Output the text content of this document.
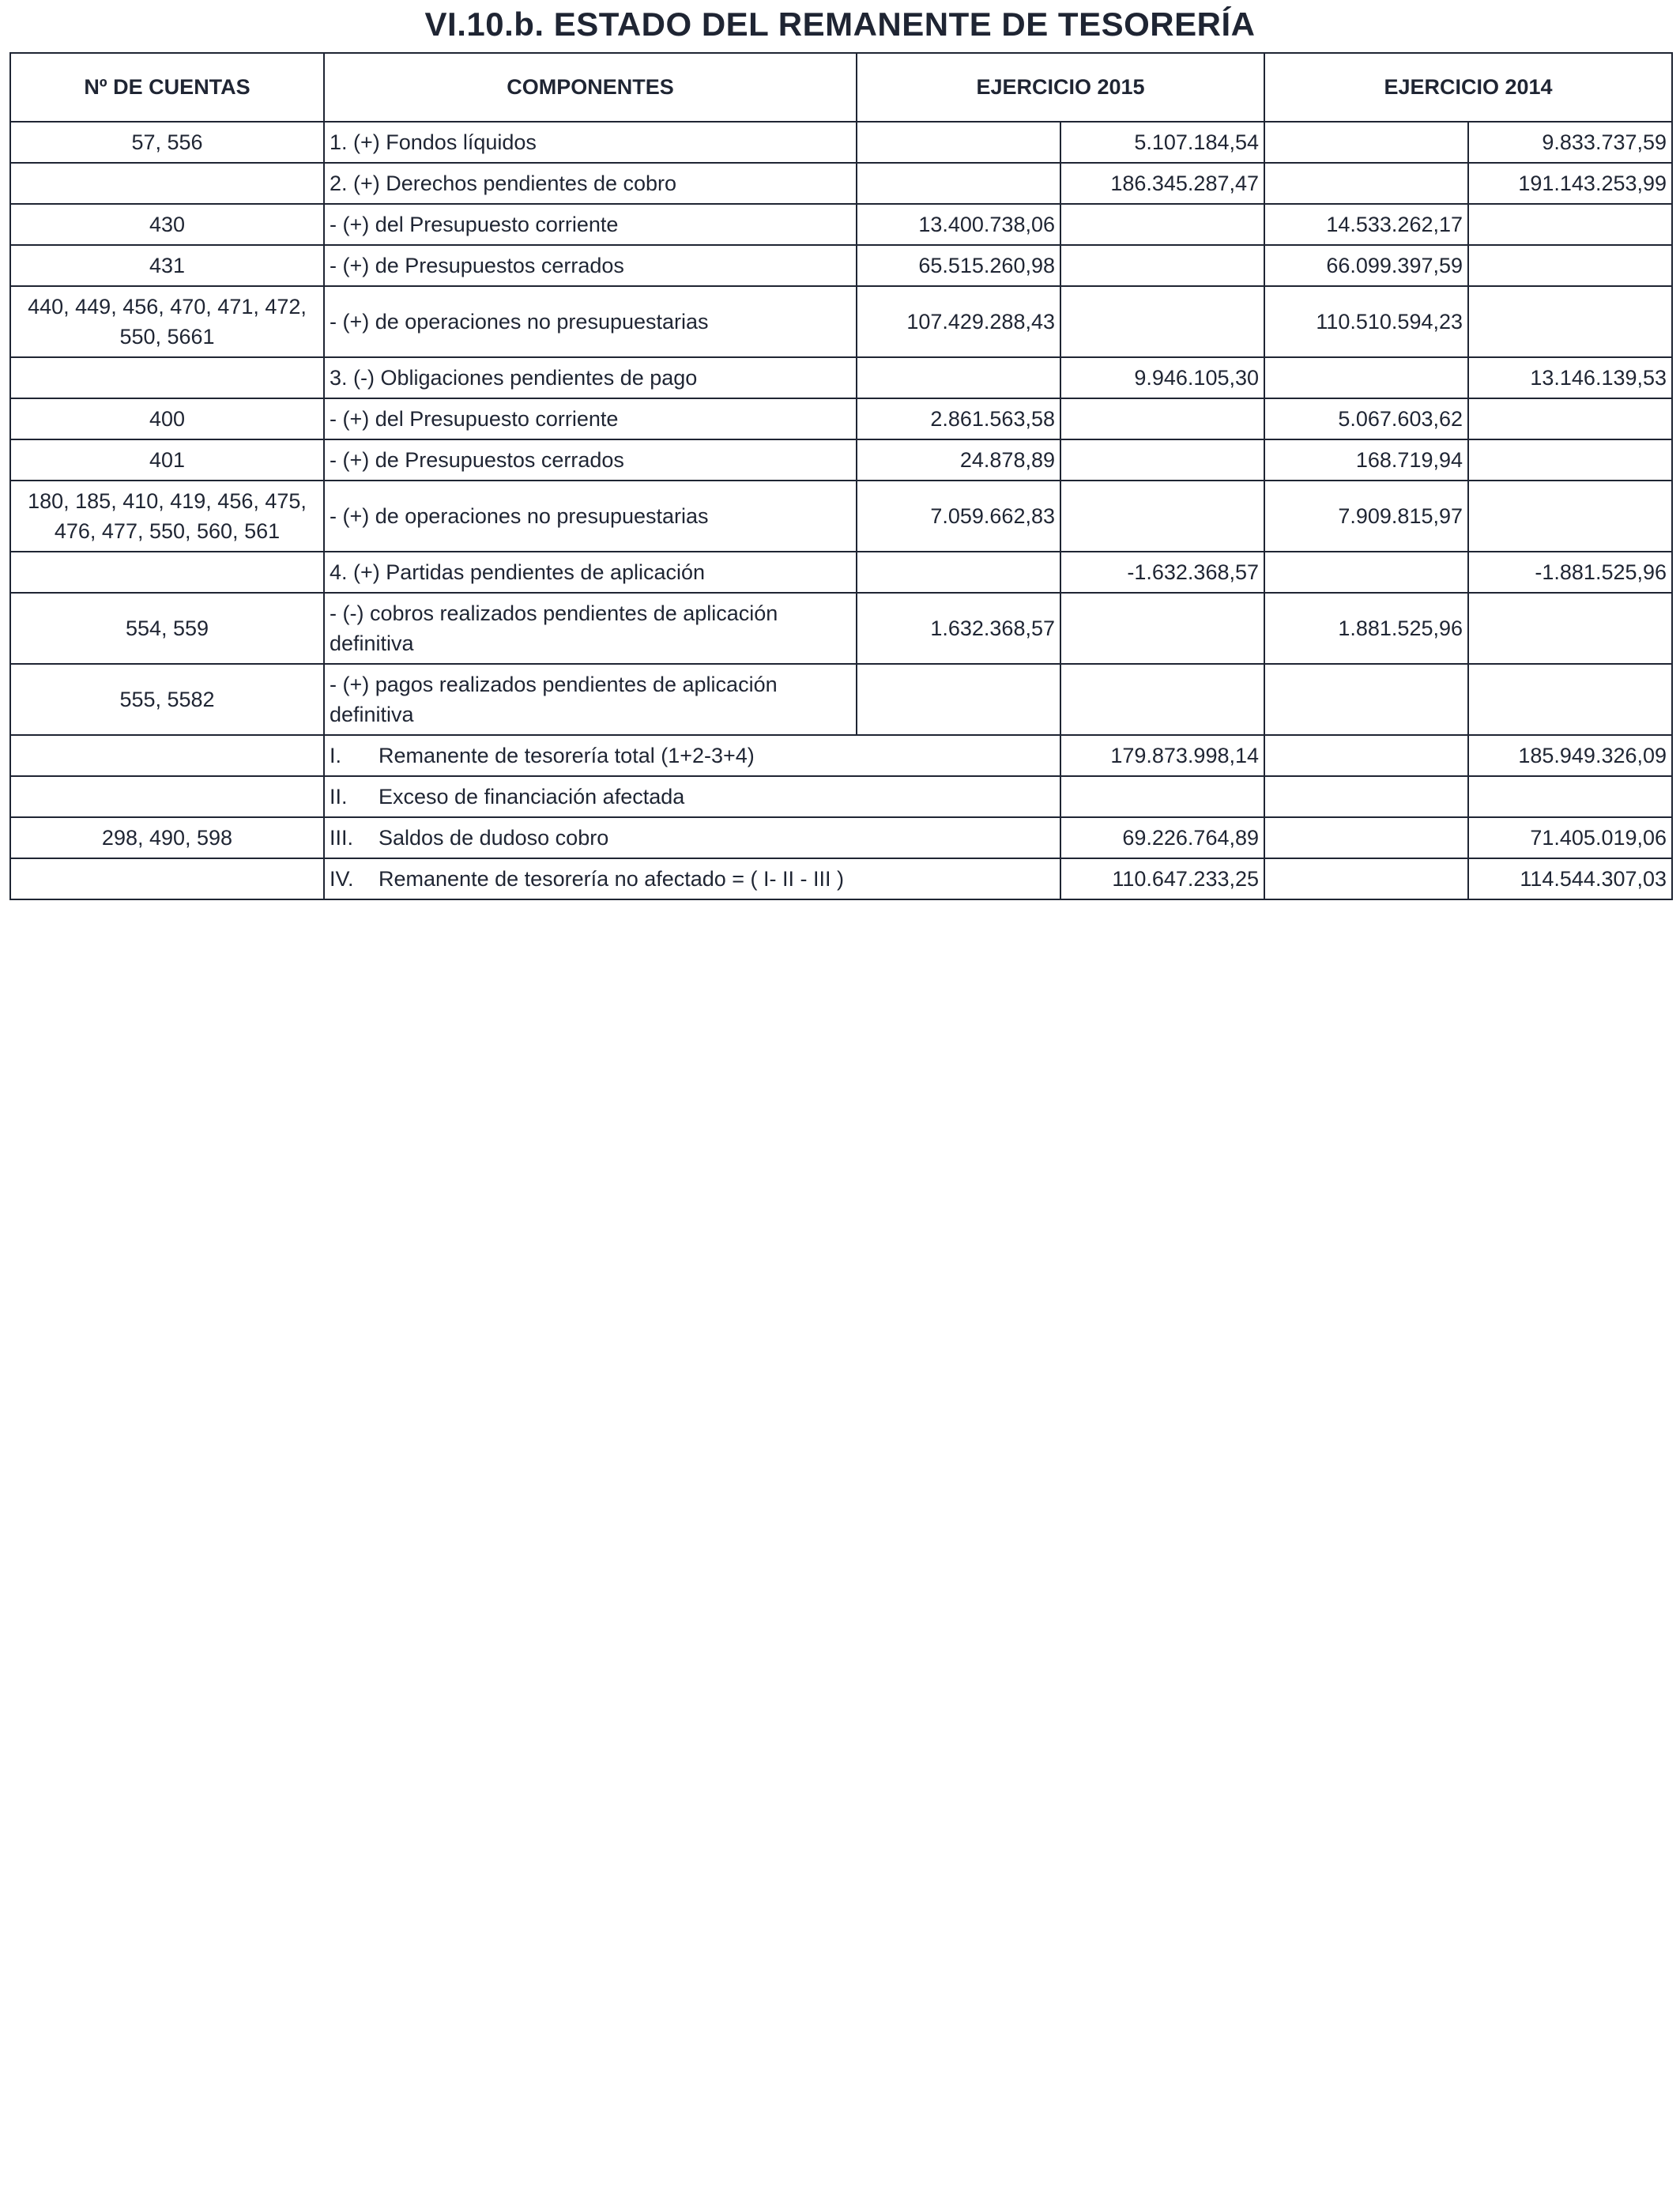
VI.10.b. ESTADO DEL REMANENTE DE TESORERÍA
Nº DE CUENTAS	COMPONENTES	EJERCICIO 2015		EJERCICIO 2014	
57, 556	1. (+) Fondos líquidos		5.107.184,54		9.833.737,59
	2. (+) Derechos pendientes de cobro		186.345.287,47		191.143.253,99
430	- (+) del Presupuesto corriente	13.400.738,06		14.533.262,17	
431	- (+) de Presupuestos cerrados	65.515.260,98		66.099.397,59	

440, 449, 456, 470, 471, 472,
550, 5661	- (+) de operaciones no presupuestarias	107.429.288,43		110.510.594,23	
	3. (-) Obligaciones pendientes de pago		9.946.105,30		13.146.139,53
400	- (+) del Presupuesto corriente	2.861.563,58		5.067.603,62	
401	- (+) de Presupuestos cerrados	24.878,89		168.719,94	

180, 185, 410, 419, 456, 475,
476, 477, 550, 560, 561	- (+) de operaciones no presupuestarias	7.059.662,83		7.909.815,97	
	4. (+) Partidas pendientes de aplicación		-1.632.368,57		-1.881.525,96
554, 559	- (-) cobros realizados pendientes de aplicación
definitiva	1.632.368,57		1.881.525,96	
555, 5582	- (+) pagos realizados pendientes de aplicación
definitiva				

	I. Remanente de tesorería total (1+2-3+4)		179.873.998,14		185.949.326,09
	II. Exceso de financiación afectada				
298, 490, 598	III. Saldos de dudoso cobro		69.226.764,89		71.405.019,06
	IV. Remanente de tesorería no afectado = ( I- II - III )		110.647.233,25		114.544.307,03
